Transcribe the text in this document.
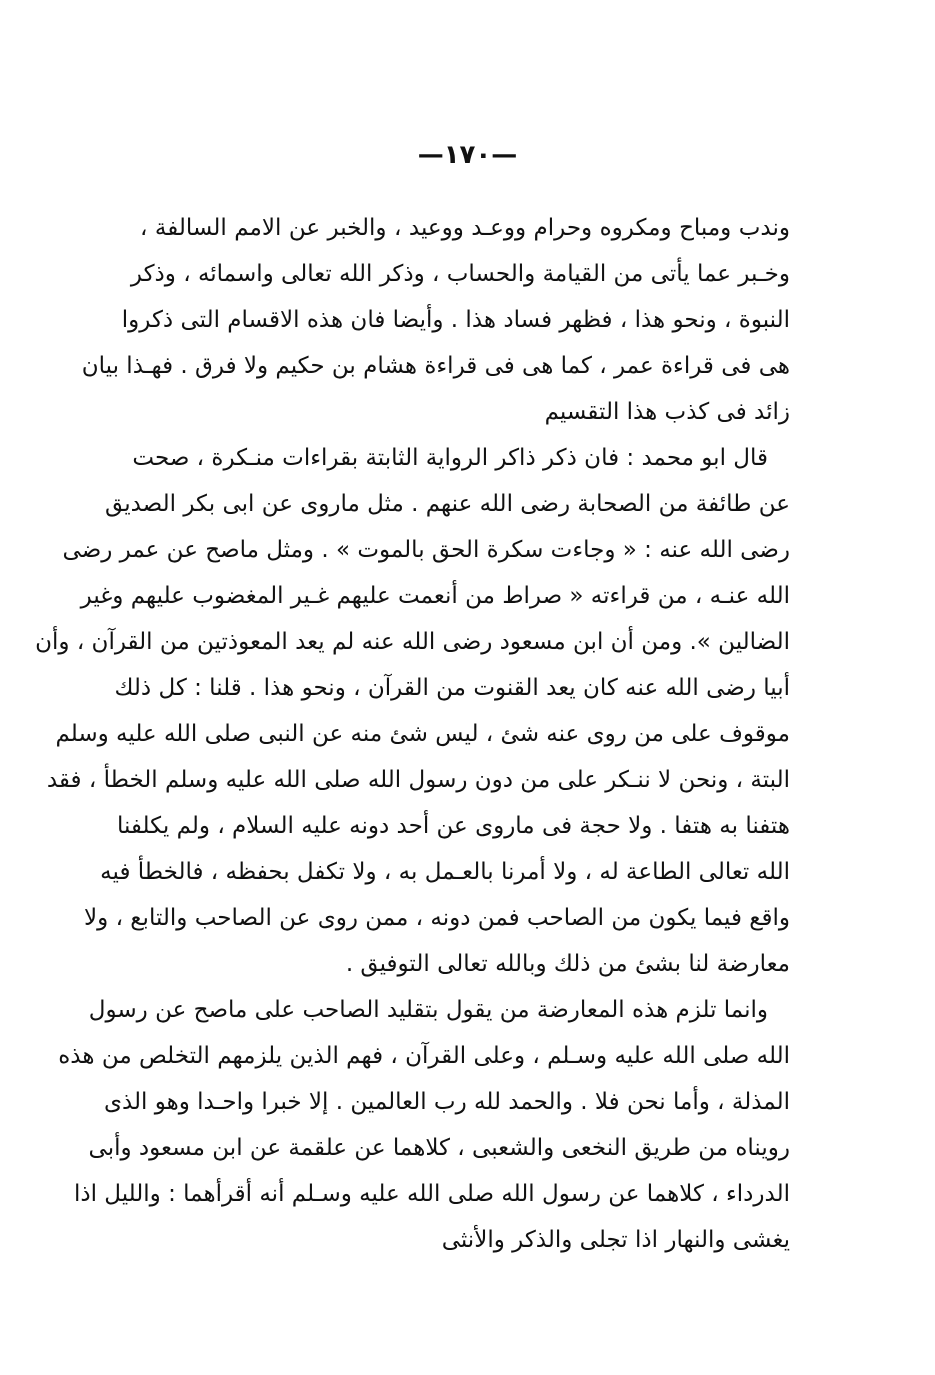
—١٧٠—
وندب ومباح ومكروه وحرام ووعـد ووعيد ، والخبر عن الامم السالفة ،
وخـبر عما يأتى من القيامة والحساب ، وذكر الله تعالى واسمائه ، وذكر
النبوة ، ونحو هذا ، فظهر فساد هذا . وأيضا فان هذه الاقسام التى ذكروا
هى فى قراءة عمر ، كما هى فى قراءة هشام بن حكيم ولا فرق . فهـذا بيان
زائد فى كذب هذا التقسيم
قال ابو محمد : فان ذكر ذاكر الرواية الثابتة بقراءات منـكرة ، صحت
عن طائفة من الصحابة رضى الله عنهم . مثل ماروى عن ابى بكر الصديق
رضى الله عنه : « وجاءت سكرة الحق بالموت » . ومثل ماصح عن عمر رضى
الله عنـه ، من قراءته « صراط من أنعمت عليهم غـير المغضوب عليهم وغير
الضالين ». ومن أن ابن مسعود رضى الله عنه لم يعد المعوذتين من القرآن ، وأن
أبيا رضى الله عنه كان يعد القنوت من القرآن ، ونحو هذا . قلنا : كل ذلك
موقوف على من روى عنه شئ ، ليس شئ منه عن النبى صلى الله عليه وسلم
البتة ، ونحن لا ننـكر على من دون رسول الله صلى الله عليه وسلم الخطأ ، فقد
هتفنا به هتفا . ولا حجة فى ماروى عن أحد دونه عليه السلام ، ولم يكلفنا
الله تعالى الطاعة له ، ولا أمرنا بالعـمل به ، ولا تكفل بحفظه ، فالخطأ فيه
واقع فيما يكون من الصاحب فمن دونه ، ممن روى عن الصاحب والتابع ، ولا
معارضة لنا بشئ من ذلك وبالله تعالى التوفيق .
وانما تلزم هذه المعارضة من يقول بتقليد الصاحب على ماصح عن رسول
الله صلى الله عليه وسـلم ، وعلى القرآن ، فهم الذين يلزمهم التخلص من هذه
المذلة ، وأما نحن فلا . والحمد لله رب العالمين . إلا خبرا واحـدا وهو الذى
رويناه من طريق النخعى والشعبى ، كلاهما عن علقمة عن ابن مسعود وأبى
الدرداء ، كلاهما عن رسول الله صلى الله عليه وسـلم أنه أقرأهما : والليل اذا
يغشى والنهار اذا تجلى والذكر والأنثى
